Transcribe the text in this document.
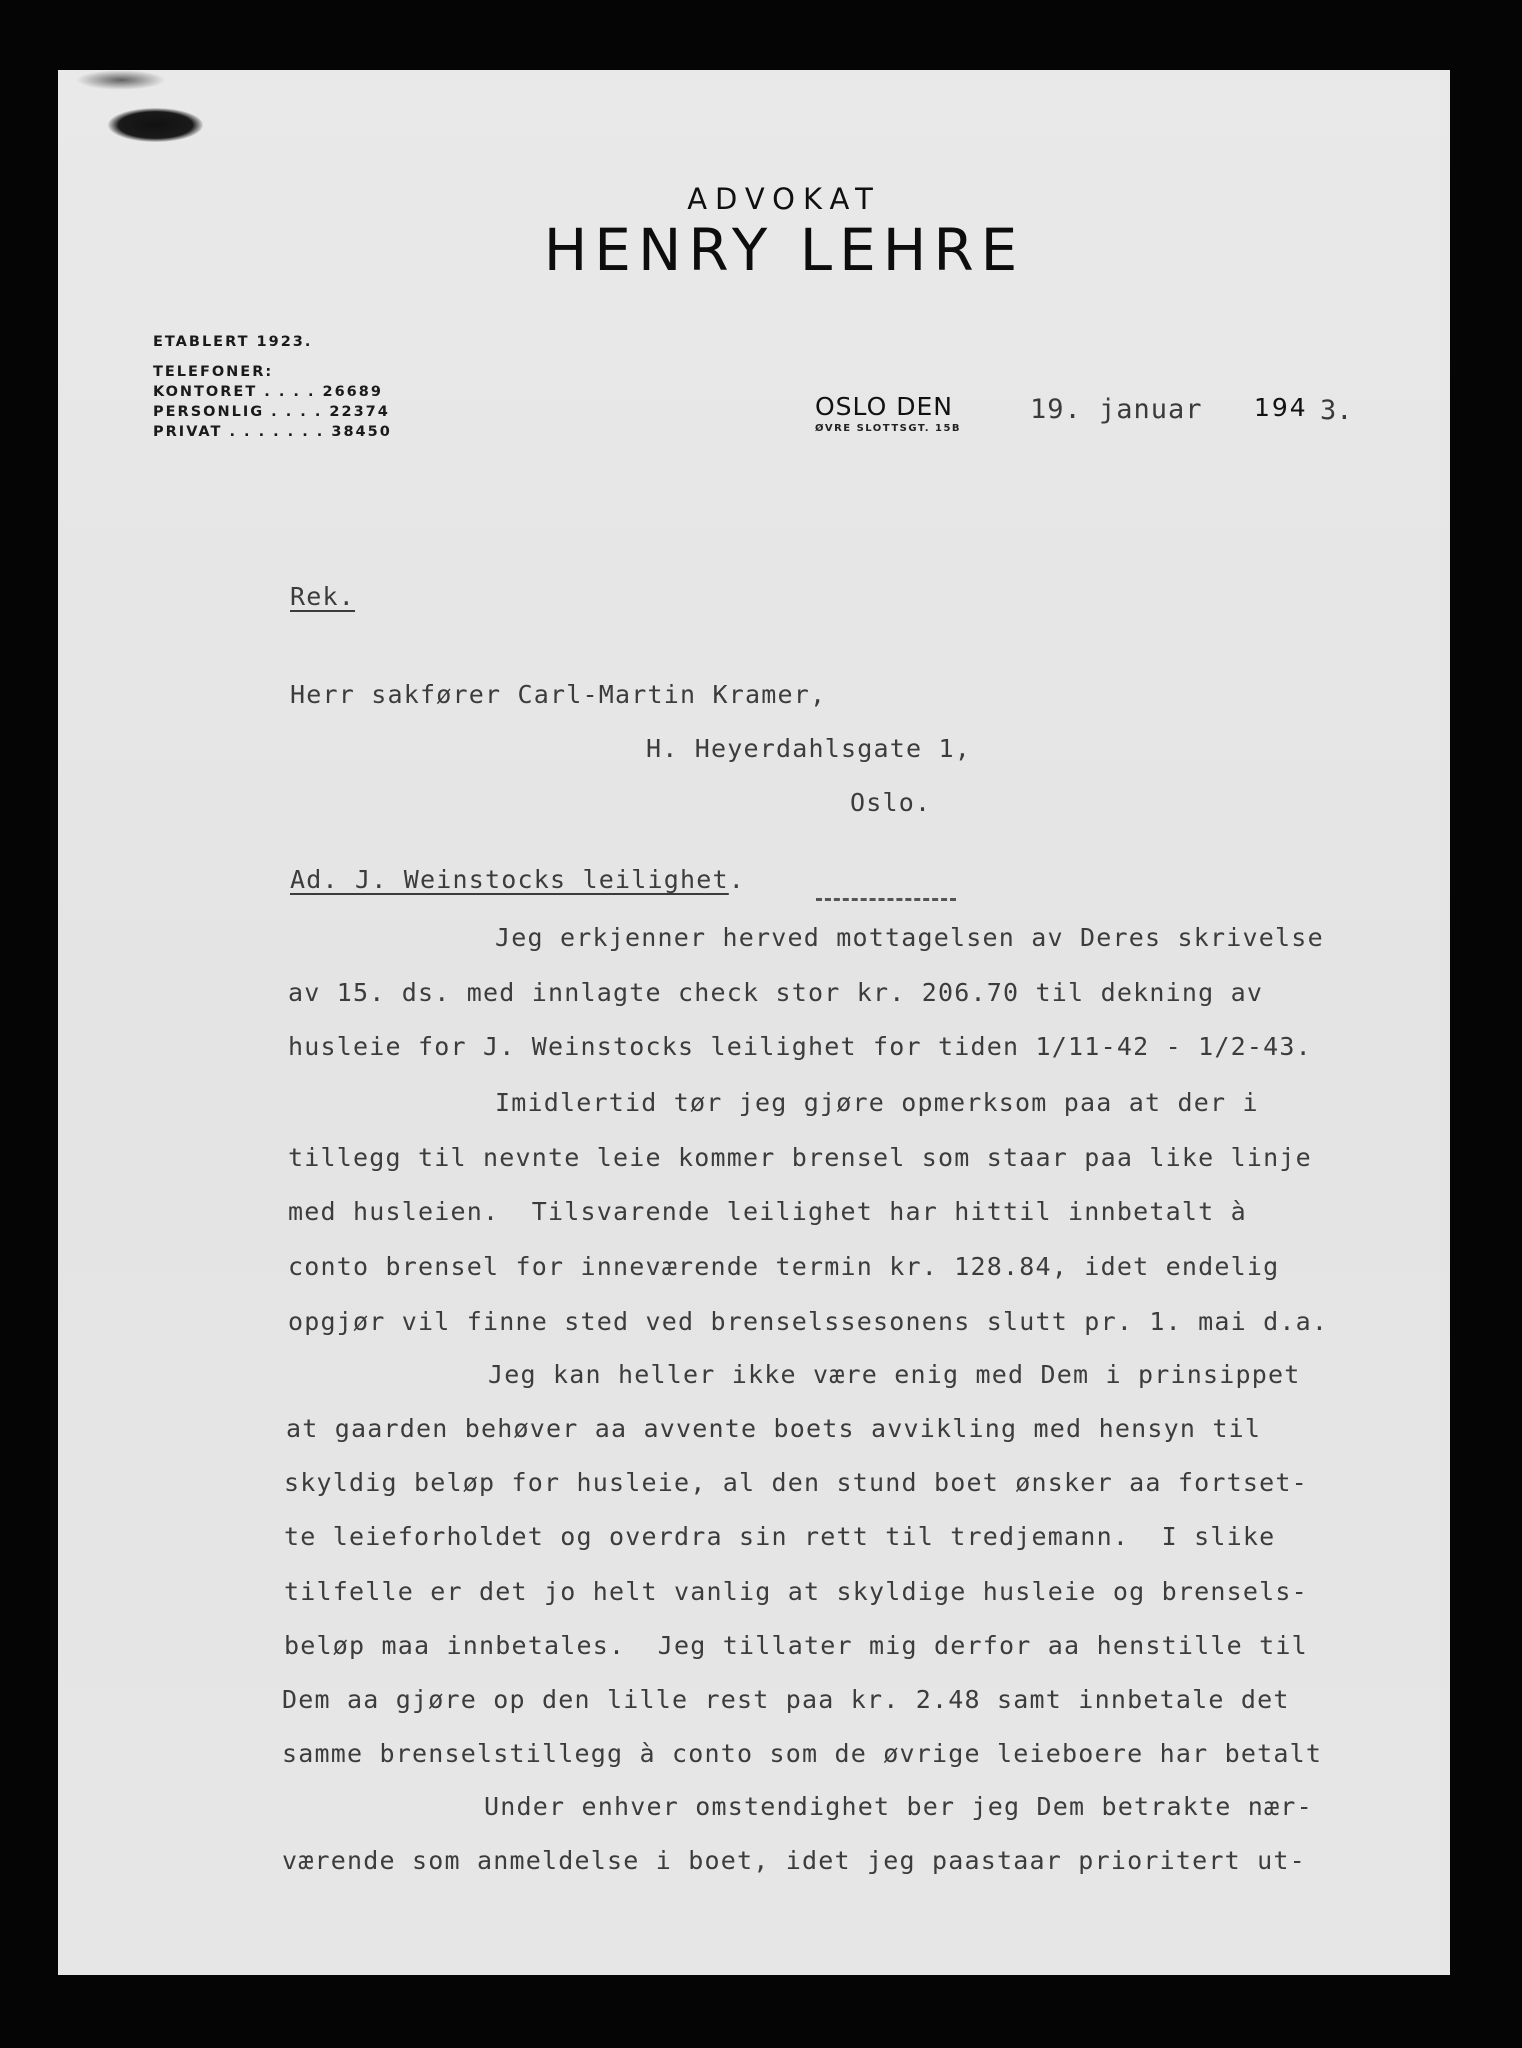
ADVOKAT
HENRY LEHRE
ETABLERT 1923.
TELEFONER:
KONTORET . . . . 26689
PERSONLIG . . . . 22374
PRIVAT . . . . . . . 38450
OSLO DEN
ØVRE SLOTTSGT. 15B
19. januar 194 3.
Rek.
Herr sakfører Carl-Martin Kramer,
H. Heyerdahlsgate 1,
Oslo.
Ad. J. Weinstocks leilighet.
Jeg erkjenner herved mottagelsen av Deres skrivelse
av 15. ds. med innlagte check stor kr. 206.70 til dekning av
husleie for J. Weinstocks leilighet for tiden 1/11-42 - 1/2-43.
Imidlertid tør jeg gjøre opmerksom paa at der i
tillegg til nevnte leie kommer brensel som staar paa like linje
med husleien.  Tilsvarende leilighet har hittil innbetalt à
conto brensel for inneværende termin kr. 128.84, idet endelig
opgjør vil finne sted ved brenselssesonens slutt pr. 1. mai d.a.
Jeg kan heller ikke være enig med Dem i prinsippet
at gaarden behøver aa avvente boets avvikling med hensyn til
skyldig beløp for husleie, al den stund boet ønsker aa fortset-
te leieforholdet og overdra sin rett til tredjemann.  I slike
tilfelle er det jo helt vanlig at skyldige husleie og brensels-
beløp maa innbetales.  Jeg tillater mig derfor aa henstille til
Dem aa gjøre op den lille rest paa kr. 2.48 samt innbetale det
samme brenselstillegg à conto som de øvrige leieboere har betalt
Under enhver omstendighet ber jeg Dem betrakte nær-
værende som anmeldelse i boet, idet jeg paastaar prioritert ut-
